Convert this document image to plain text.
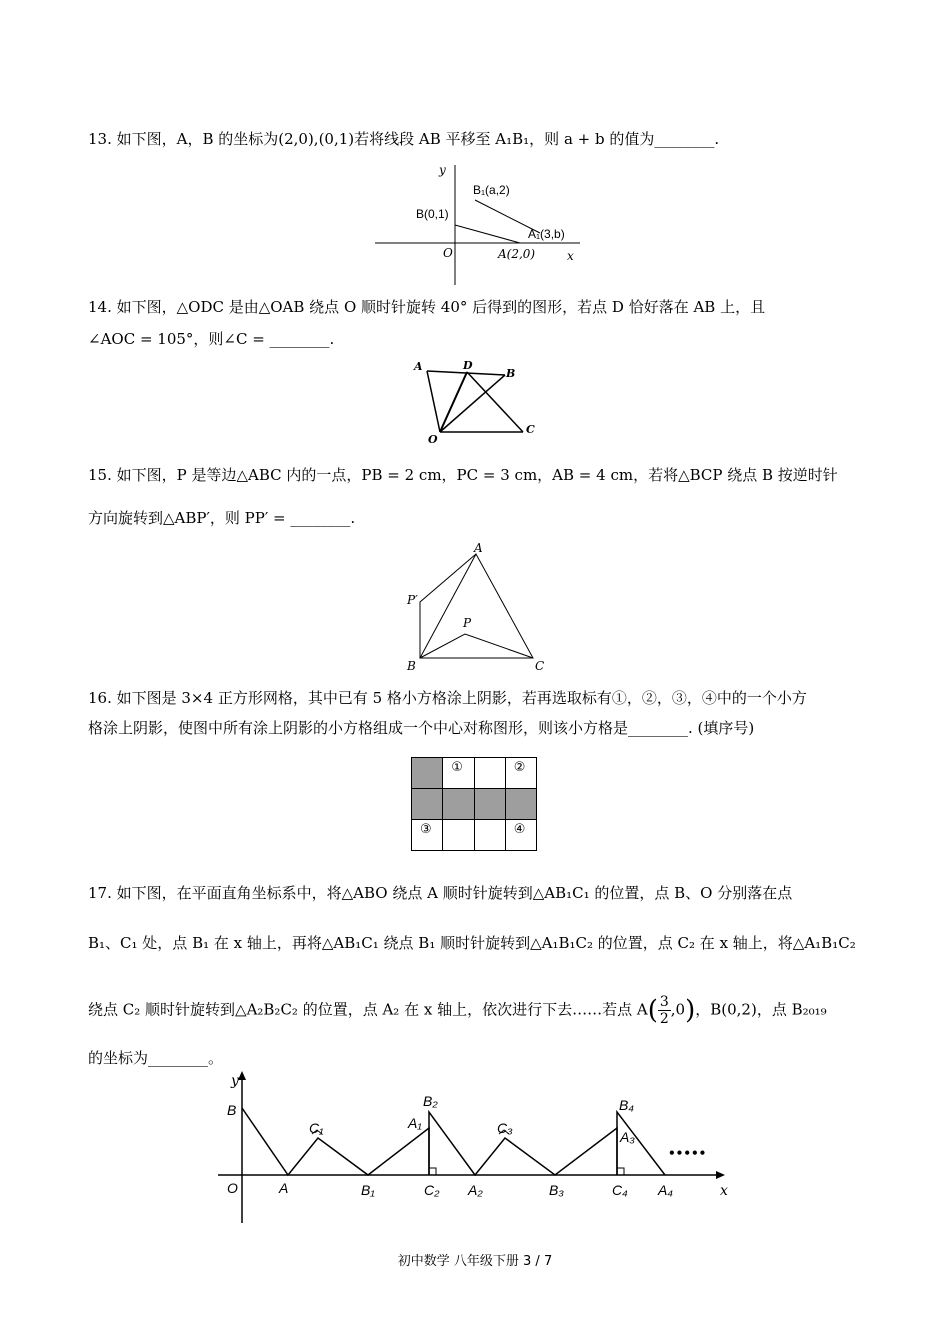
13. 如下图，A，B 的坐标为(2,0),(0,1)若将线段 AB 平移至 A₁B₁，则 a + b 的值为________.
y
x
O
B(0,1)
A(2,0)
B₁(a,2)
A₁(3,b)
14. 如下图，△ODC 是由△OAB 绕点 O 顺时针旋转 40° 后得到的图形，若点 D 恰好落在 AB 上，且
∠AOC = 105°，则∠C = ________.
A	D
B
O
C
15. 如下图，P 是等边△ABC 内的一点，PB = 2 cm，PC = 3 cm，AB = 4 cm，若将△BCP 绕点 B 按逆时针
方向旋转到△ABP′，则 PP′ = ________.
A
P′
P
B	C
16. 如下图是 3×4 正方形网格，其中已有 5 格小方格涂上阴影，若再选取标有①，②，③，④中的一个小方
格涂上阴影，使图中所有涂上阴影的小方格组成一个中心对称图形，则该小方格是________. (填序号)
	①		②

③			④
17. 如下图，在平面直角坐标系中，将△ABO 绕点 A 顺时针旋转到△AB₁C₁ 的位置，点 B、O 分别落在点
B₁、C₁ 处，点 B₁ 在 x 轴上，再将△AB₁C₁ 绕点 B₁ 顺时针旋转到△A₁B₁C₂ 的位置，点 C₂ 在 x 轴上，将△A₁B₁C₂
绕点 C₂ 顺时针旋转到△A₂B₂C₂ 的位置，点 A₂ 在 x 轴上，依次进行下去……若点 $A( \frac{3}{2} ,0)$，B(0,2)，点 B₂₀₁₉
的坐标为________。
y
x
O
B
A
C₁
B₁
A₁
B₂
C₂ A₂
C₃
B₃
B₄
A₃
C₄ A₄
•••••
初中数学 八年级下册 3 / 7
